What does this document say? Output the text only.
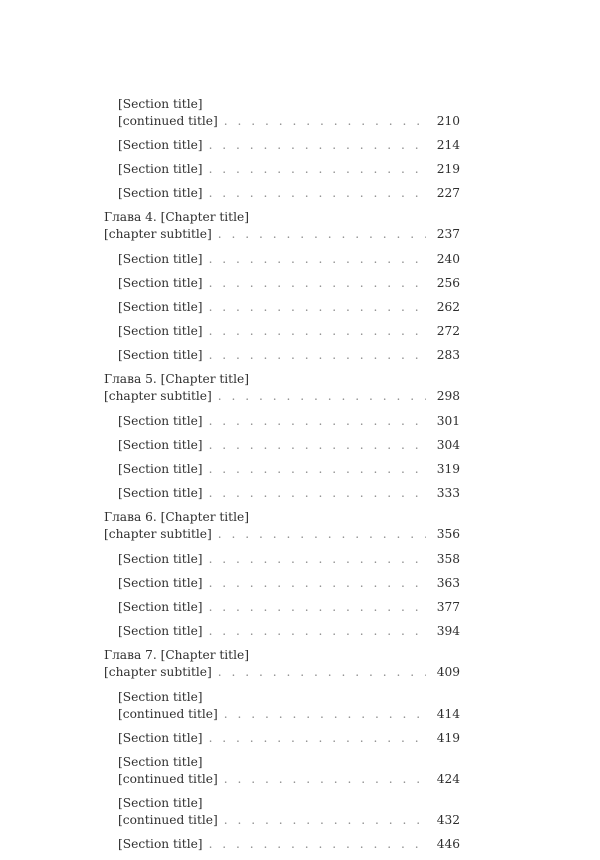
[Section title]
[continued title] . . .	210
[Section title] . . .	214
[Section title] . . .	219
[Section title] . . .	227
Глава 4. [Chapter title]
[chapter subtitle] . . .	237
[Section title] . . .	240
[Section title] . . .	256
[Section title] . . .	262
[Section title] . . .	272
[Section title] . . .	283
Глава 5. [Chapter title]
[chapter subtitle] . . .	298
[Section title] . . .	301
[Section title] . . .	304
[Section title] . . .	319
[Section title] . . .	333
Глава 6. [Chapter title]
[chapter subtitle] . . .	356
[Section title] . . .	358
[Section title] . . .	363
[Section title] . . .	377
[Section title] . . .	394
Глава 7. [Chapter title]
[chapter subtitle] . . .	409
[Section title]
[continued title] . . .	414
[Section title] . . .	419
[Section title]
[continued title] . . .	424
[Section title]
[continued title] . . .	432
[Section title] . . .	446
